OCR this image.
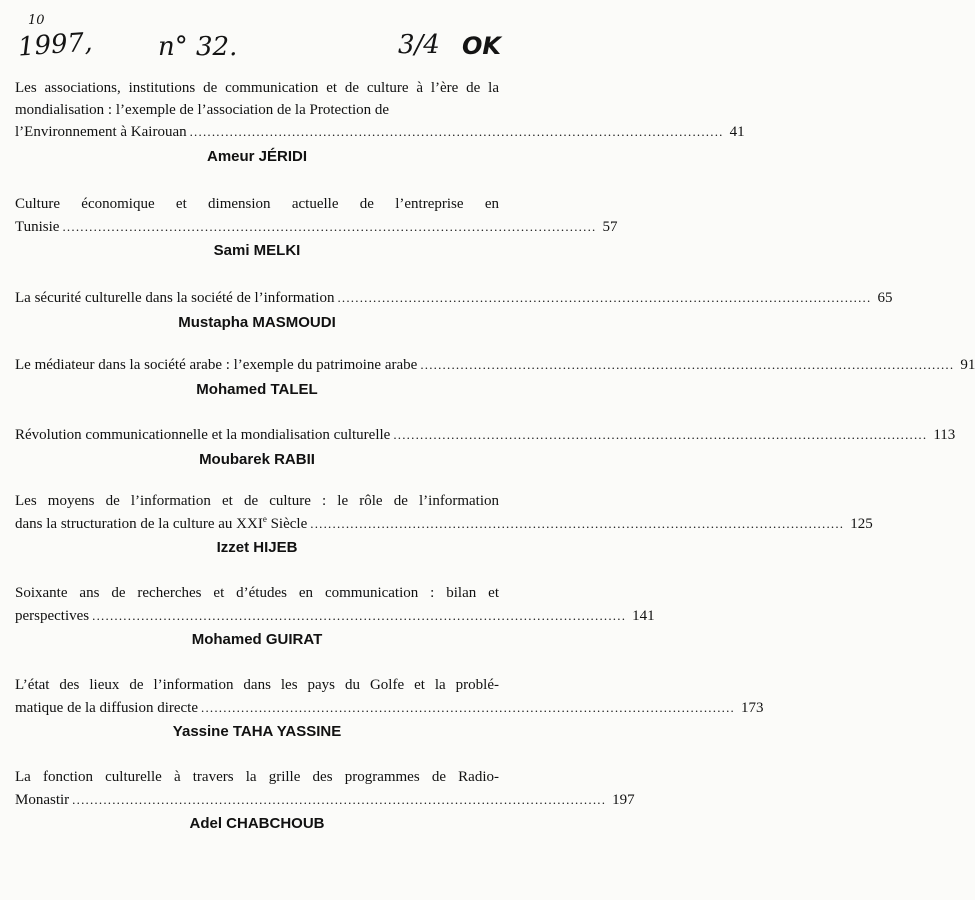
10
1997, n° 32.	3/4 OK
Les associations, institutions de communication et de culture à l’ère de la mondialisation : l’exemple de l’association de la Protection de
l’Environnement à Kairouan ........................................................................................................................ 41
Ameur JÉRIDI
Culture économique et dimension actuelle de l’entreprise en
Tunisie ........................................................................................................................ 57
Sami MELKI
La sécurité culturelle dans la société de l’information ........................................................................................................................ 65
Mustapha MASMOUDI
Le médiateur dans la société arabe : l’exemple du patrimoine arabe ........................................................................................................................ 91
Mohamed TALEL
Révolution communicationnelle et la mondialisation culturelle ........................................................................................................................ 113
Moubarek RABII
Les moyens de l’information et de culture : le rôle de l’information
dans la structuration de la culture au XXIe Siècle ........................................................................................................................ 125
Izzet HIJEB
Soixante ans de recherches et d’études en communication : bilan et
perspectives ........................................................................................................................ 141
Mohamed GUIRAT
L’état des lieux de l’information dans les pays du Golfe et la problé-
matique de la diffusion directe ........................................................................................................................ 173
Yassine TAHA YASSINE
La fonction culturelle à travers la grille des programmes de Radio-
Monastir ........................................................................................................................ 197
Adel CHABCHOUB
